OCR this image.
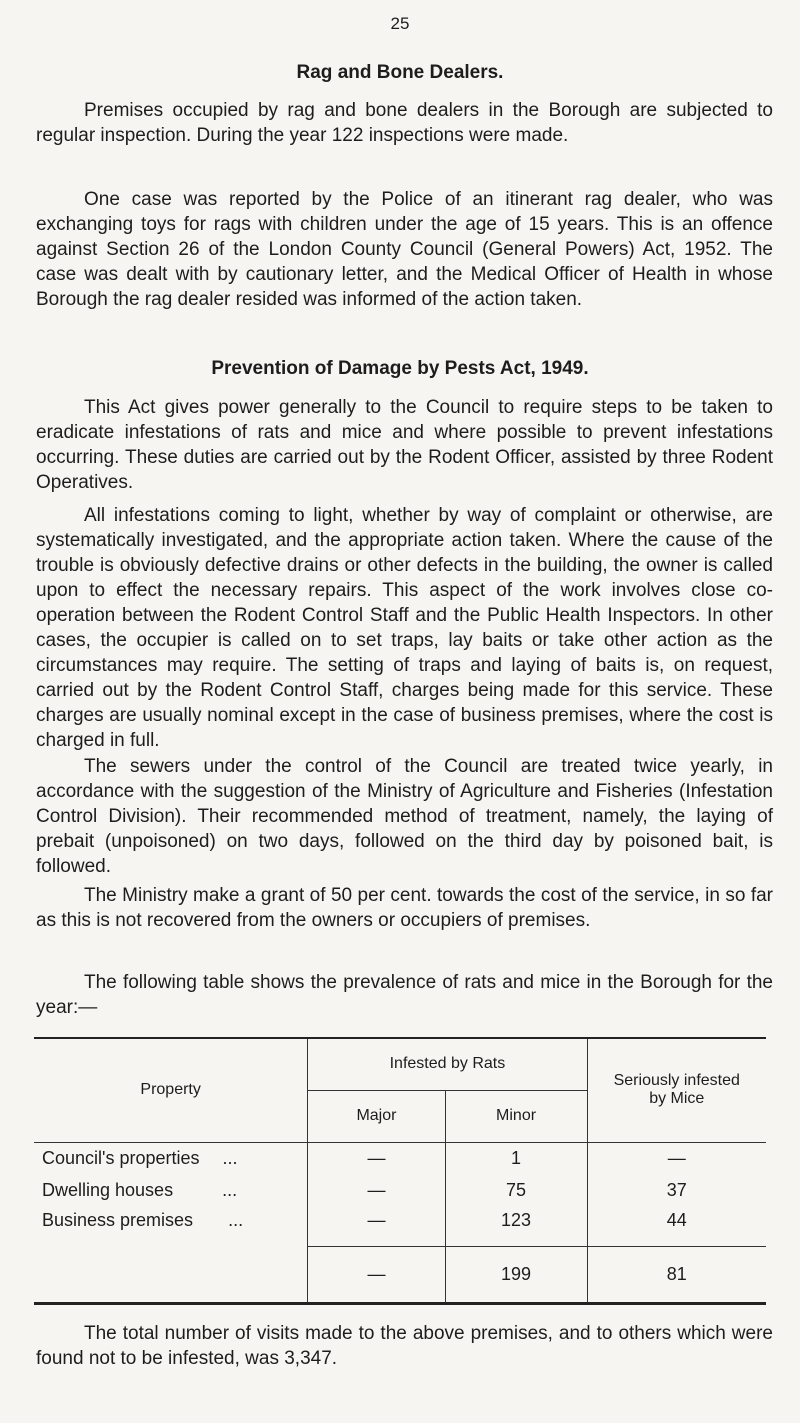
25
Rag and Bone Dealers.

Premises occupied by rag and bone dealers in the Borough are subjected to regular inspection. During the year 122 inspections were made.

One case was reported by the Police of an itinerant rag dealer, who was exchanging toys for rags with children under the age of 15 years. This is an offence against Section 26 of the London County Council (General Powers) Act, 1952. The case was dealt with by cautionary letter, and the Medical Officer of Health in whose Borough the rag dealer resided was informed of the action taken.

Prevention of Damage by Pests Act, 1949.

This Act gives power generally to the Council to require steps to be taken to eradicate infestations of rats and mice and where possible to prevent infestations occurring. These duties are carried out by the Rodent Officer, assisted by three Rodent Operatives.

All infestations coming to light, whether by way of complaint or otherwise, are systematically investigated, and the appropriate action taken. Where the cause of the trouble is obviously defective drains or other defects in the building, the owner is called upon to effect the necessary repairs. This aspect of the work involves close co-operation between the Rodent Control Staff and the Public Health Inspectors. In other cases, the occupier is called on to set traps, lay baits or take other action as the circumstances may require. The setting of traps and laying of baits is, on request, carried out by the Rodent Control Staff, charges being made for this service. These charges are usually nominal except in the case of business premises, where the cost is charged in full.

The sewers under the control of the Council are treated twice yearly, in accordance with the suggestion of the Ministry of Agriculture and Fisheries (Infestation Control Division). Their recommended method of treatment, namely, the laying of prebait (unpoisoned) on two days, followed on the third day by poisoned bait, is followed.

The Ministry make a grant of 50 per cent. towards the cost of the service, in so far as this is not recovered from the owners or occupiers of premises.

The following table shows the prevalence of rats and mice in the Borough for the year:—

Property	Infested by Rats		Seriously infested by Mice
	Major	Minor	
Council's properties ...	—	1	—
Dwelling houses ...	—	75	37
Business premises ...	—	123	44
	—	199	81

The total number of visits made to the above premises, and to others which were found not to be infested, was 3,347.
